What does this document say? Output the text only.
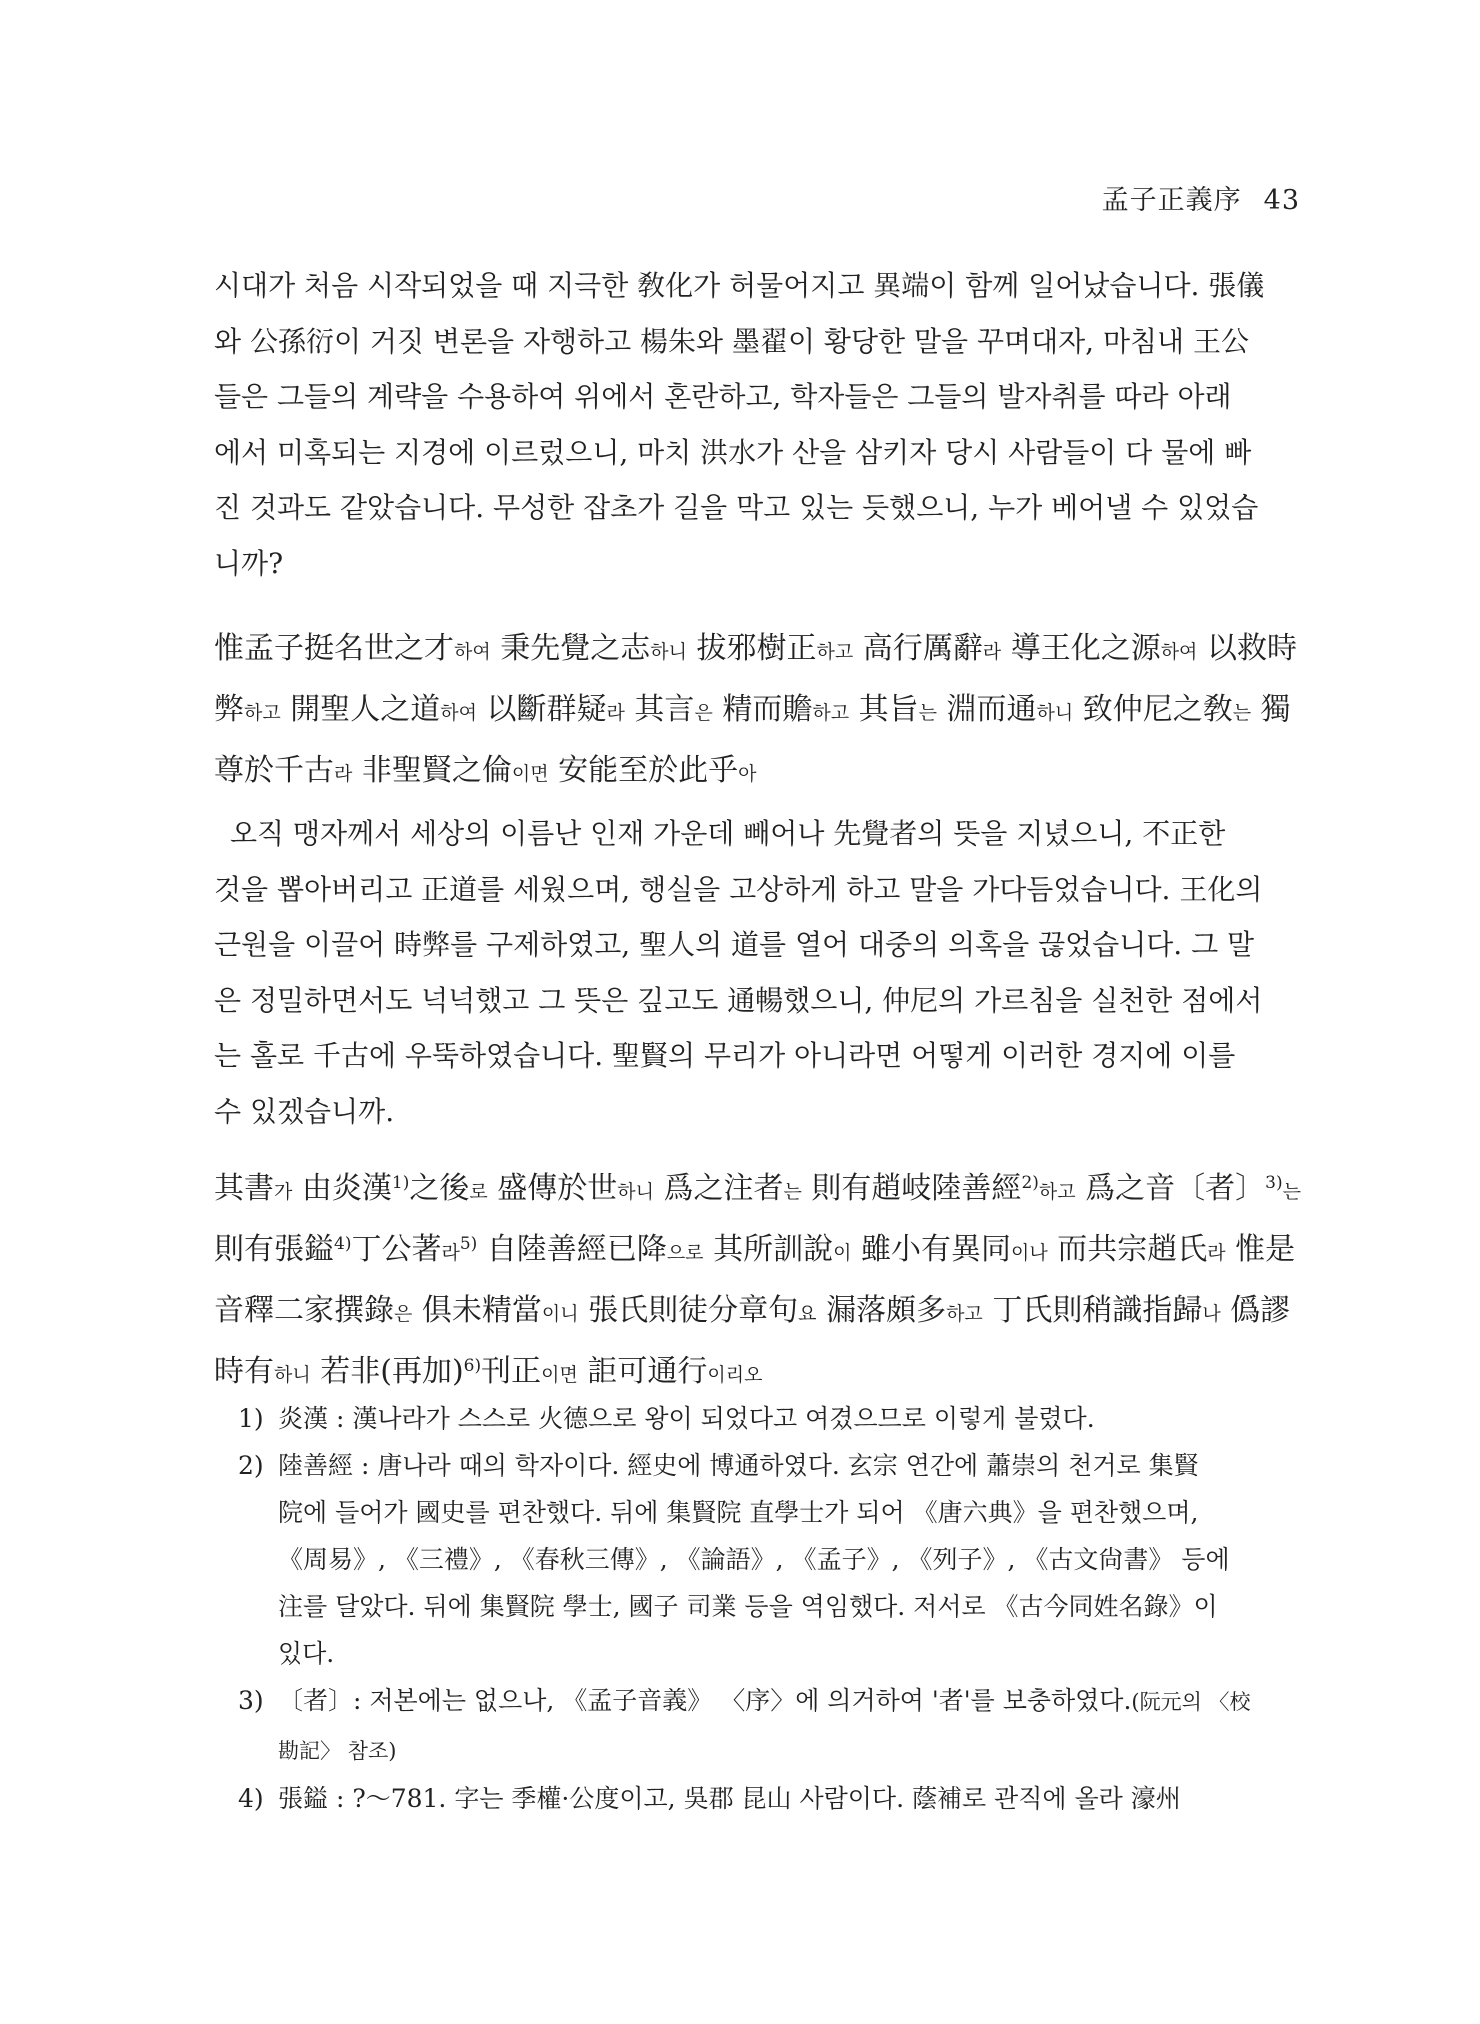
孟子正義序 43

시대가 처음 시작되었을 때 지극한 敎化가 허물어지고 異端이 함께 일어났습니다. 張儀
와 公孫衍이 거짓 변론을 자행하고 楊朱와 墨翟이 황당한 말을 꾸며대자, 마침내 王公
들은 그들의 계략을 수용하여 위에서 혼란하고, 학자들은 그들의 발자취를 따라 아래
에서 미혹되는 지경에 이르렀으니, 마치 洪水가 산을 삼키자 당시 사람들이 다 물에 빠
진 것과도 같았습니다. 무성한 잡초가 길을 막고 있는 듯했으니, 누가 베어낼 수 있었습
니까?

惟孟子挺名世之才하여 秉先覺之志하니 拔邪樹正하고 高行厲辭라 導王化之源하여 以救時
弊하고 開聖人之道하여 以斷群疑라 其言은 精而贍하고 其旨는 淵而通하니 致仲尼之敎는 獨
尊於千古라 非聖賢之倫이면 安能至於此乎아

오직 맹자께서 세상의 이름난 인재 가운데 빼어나 先覺者의 뜻을 지녔으니, 不正한
것을 뽑아버리고 正道를 세웠으며, 행실을 고상하게 하고 말을 가다듬었습니다. 王化의
근원을 이끌어 時弊를 구제하였고, 聖人의 道를 열어 대중의 의혹을 끊었습니다. 그 말
은 정밀하면서도 넉넉했고 그 뜻은 깊고도 通暢했으니, 仲尼의 가르침을 실천한 점에서
는 홀로 千古에 우뚝하였습니다. 聖賢의 무리가 아니라면 어떻게 이러한 경지에 이를
수 있겠습니까.

其書가 由炎漢$^{1)}$之後로 盛傳於世하니 爲之注者는 則有趙岐陸善經$^{2)}$하고 爲之音〔者〕$^{3)}$는
則有張鎰$^{4)}$丁公著라$^{5)}$ 自陸善經已降으로 其所訓說이 雖小有異同이나 而共宗趙氏라 惟是
音釋二家撰錄은 俱未精當이니 張氏則徒分章句요 漏落頗多하고 丁氏則稍識指歸나 僞謬
時有하니 若非(再加)$^{6)}$刊正이면 詎可通行이리오

1) 炎漢 : 漢나라가 스스로 火德으로 왕이 되었다고 여겼으므로 이렇게 불렸다.
2) 陸善經 : 唐나라 때의 학자이다. 經史에 博通하였다. 玄宗 연간에 蕭崇의 천거로 集賢
院에 들어가 國史를 편찬했다. 뒤에 集賢院 直學士가 되어 《唐六典》을 편찬했으며,
《周易》, 《三禮》, 《春秋三傳》, 《論語》, 《孟子》, 《列子》, 《古文尙書》 등에
注를 달았다. 뒤에 集賢院 學士, 國子 司業 등을 역임했다. 저서로 《古今同姓名錄》이
있다.
3) 〔者〕: 저본에는 없으나, 《孟子音義》 〈序〉에 의거하여 '者'를 보충하였다.(阮元의 〈校
勘記〉 참조)
4) 張鎰 : ?～781. 字는 季權·公度이고, 吳郡 昆山 사람이다. 蔭補로 관직에 올라 濠州
